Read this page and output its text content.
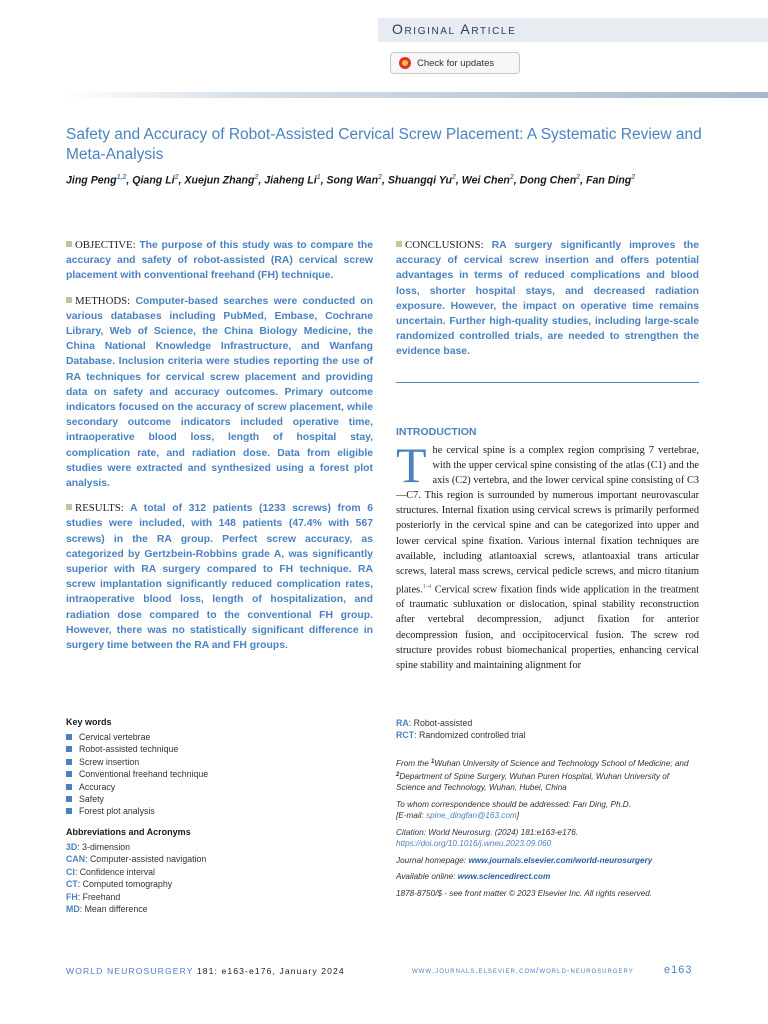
Original Article
Check for updates
Safety and Accuracy of Robot-Assisted Cervical Screw Placement: A Systematic Review and Meta-Analysis
Jing Peng$^{1,2}$, Qiang Li$^2$, Xuejun Zhang$^2$, Jiaheng Li$^1$, Song Wan$^2$, Shuangqi Yu$^2$, Wei Chen$^2$, Dong Chen$^2$, Fan Ding$^2$

OBJECTIVE: The purpose of this study was to compare the accuracy and safety of robot-assisted (RA) cervical screw placement with conventional freehand (FH) technique.

METHODS: Computer-based searches were conducted on various databases including PubMed, Embase, Cochrane Library, Web of Science, the China Biology Medicine, the China National Knowledge Infrastructure, and Wanfang Database. Inclusion criteria were studies reporting the use of RA techniques for cervical screw placement and providing data on safety and accuracy outcomes. Primary outcome indicators focused on the accuracy of screw placement, while secondary outcome indicators included operative time, intraoperative blood loss, length of hospital stay, complication rate, and radiation dose. Data from eligible studies were extracted and synthesized using a forest plot analysis.

RESULTS: A total of 312 patients (1233 screws) from 6 studies were included, with 148 patients (47.4% with 567 screws) in the RA group. Perfect screw accuracy, as categorized by Gertzbein-Robbins grade A, was significantly superior with RA surgery compared to FH technique. RA screw implantation significantly reduced complication rates, intraoperative blood loss, length of hospitalization, and radiation dose compared to the conventional FH group. However, there was no statistically significant difference in surgery time between the RA and FH groups.

CONCLUSIONS: RA surgery significantly improves the accuracy of cervical screw insertion and offers potential advantages in terms of reduced complications and blood loss, shorter hospital stays, and decreased radiation exposure. However, the impact on operative time remains uncertain. Further high-quality studies, including large-scale randomized controlled trials, are needed to strengthen the evidence base.

INTRODUCTION
The cervical spine is a complex region comprising 7 vertebrae, with the upper cervical spine consisting of the atlas (C1) and the axis (C2) vertebra, and the lower cervical spine consisting of C3—C7. This region is surrounded by numerous important neurovascular structures. Internal fixation using cervical screws is primarily performed posteriorly in the cervical spine and can be categorized into upper and lower cervical spine fixation. Various internal fixation techniques are available, including atlantoaxial screws, atlantoaxial trans articular screws, lateral mass screws, cervical pedicle screws, and micro titanium plates.$^{1-4}$ Cervical screw fixation finds wide application in the treatment of traumatic subluxation or dislocation, spinal stability reconstruction after vertebral decompression, adjunct fixation for anterior decompression fusion, and occipitocervical fusion. The screw rod structure provides robust biomechanical properties, enhancing cervical spine stability and maintaining alignment for
Key words
Cervical vertebrae
Robot-assisted technique
Screw insertion
Conventional freehand technique
Accuracy
Safety
Forest plot analysis
Abbreviations and Acronyms
3D: 3-dimension
CAN: Computer-assisted navigation
CI: Confidence interval
CT: Computed tomography
FH: Freehand
MD: Mean difference
RA: Robot-assisted
RCT: Randomized controlled trial

From the $^1$Wuhan University of Science and Technology School of Medicine; and
$^2$Department of Spine Surgery, Wuhan Puren Hospital, Wuhan University of Science and Technology, Wuhan, Hubei, China

To whom correspondence should be addressed: Fan Ding, Ph.D.
[E-mail: spine_dingfan@163.com]

Citation: World Neurosurg. (2024) 181:e163-e176.
https://doi.org/10.1016/j.wneu.2023.09.060

Journal homepage: www.journals.elsevier.com/world-neurosurgery

Available online: www.sciencedirect.com

1878-8750/$ - see front matter © 2023 Elsevier Inc. All rights reserved.

WORLD NEUROSURGERY 181: e163-e176, January 2024	www.journals.elsevier.com/world-neurosurgery	e163
